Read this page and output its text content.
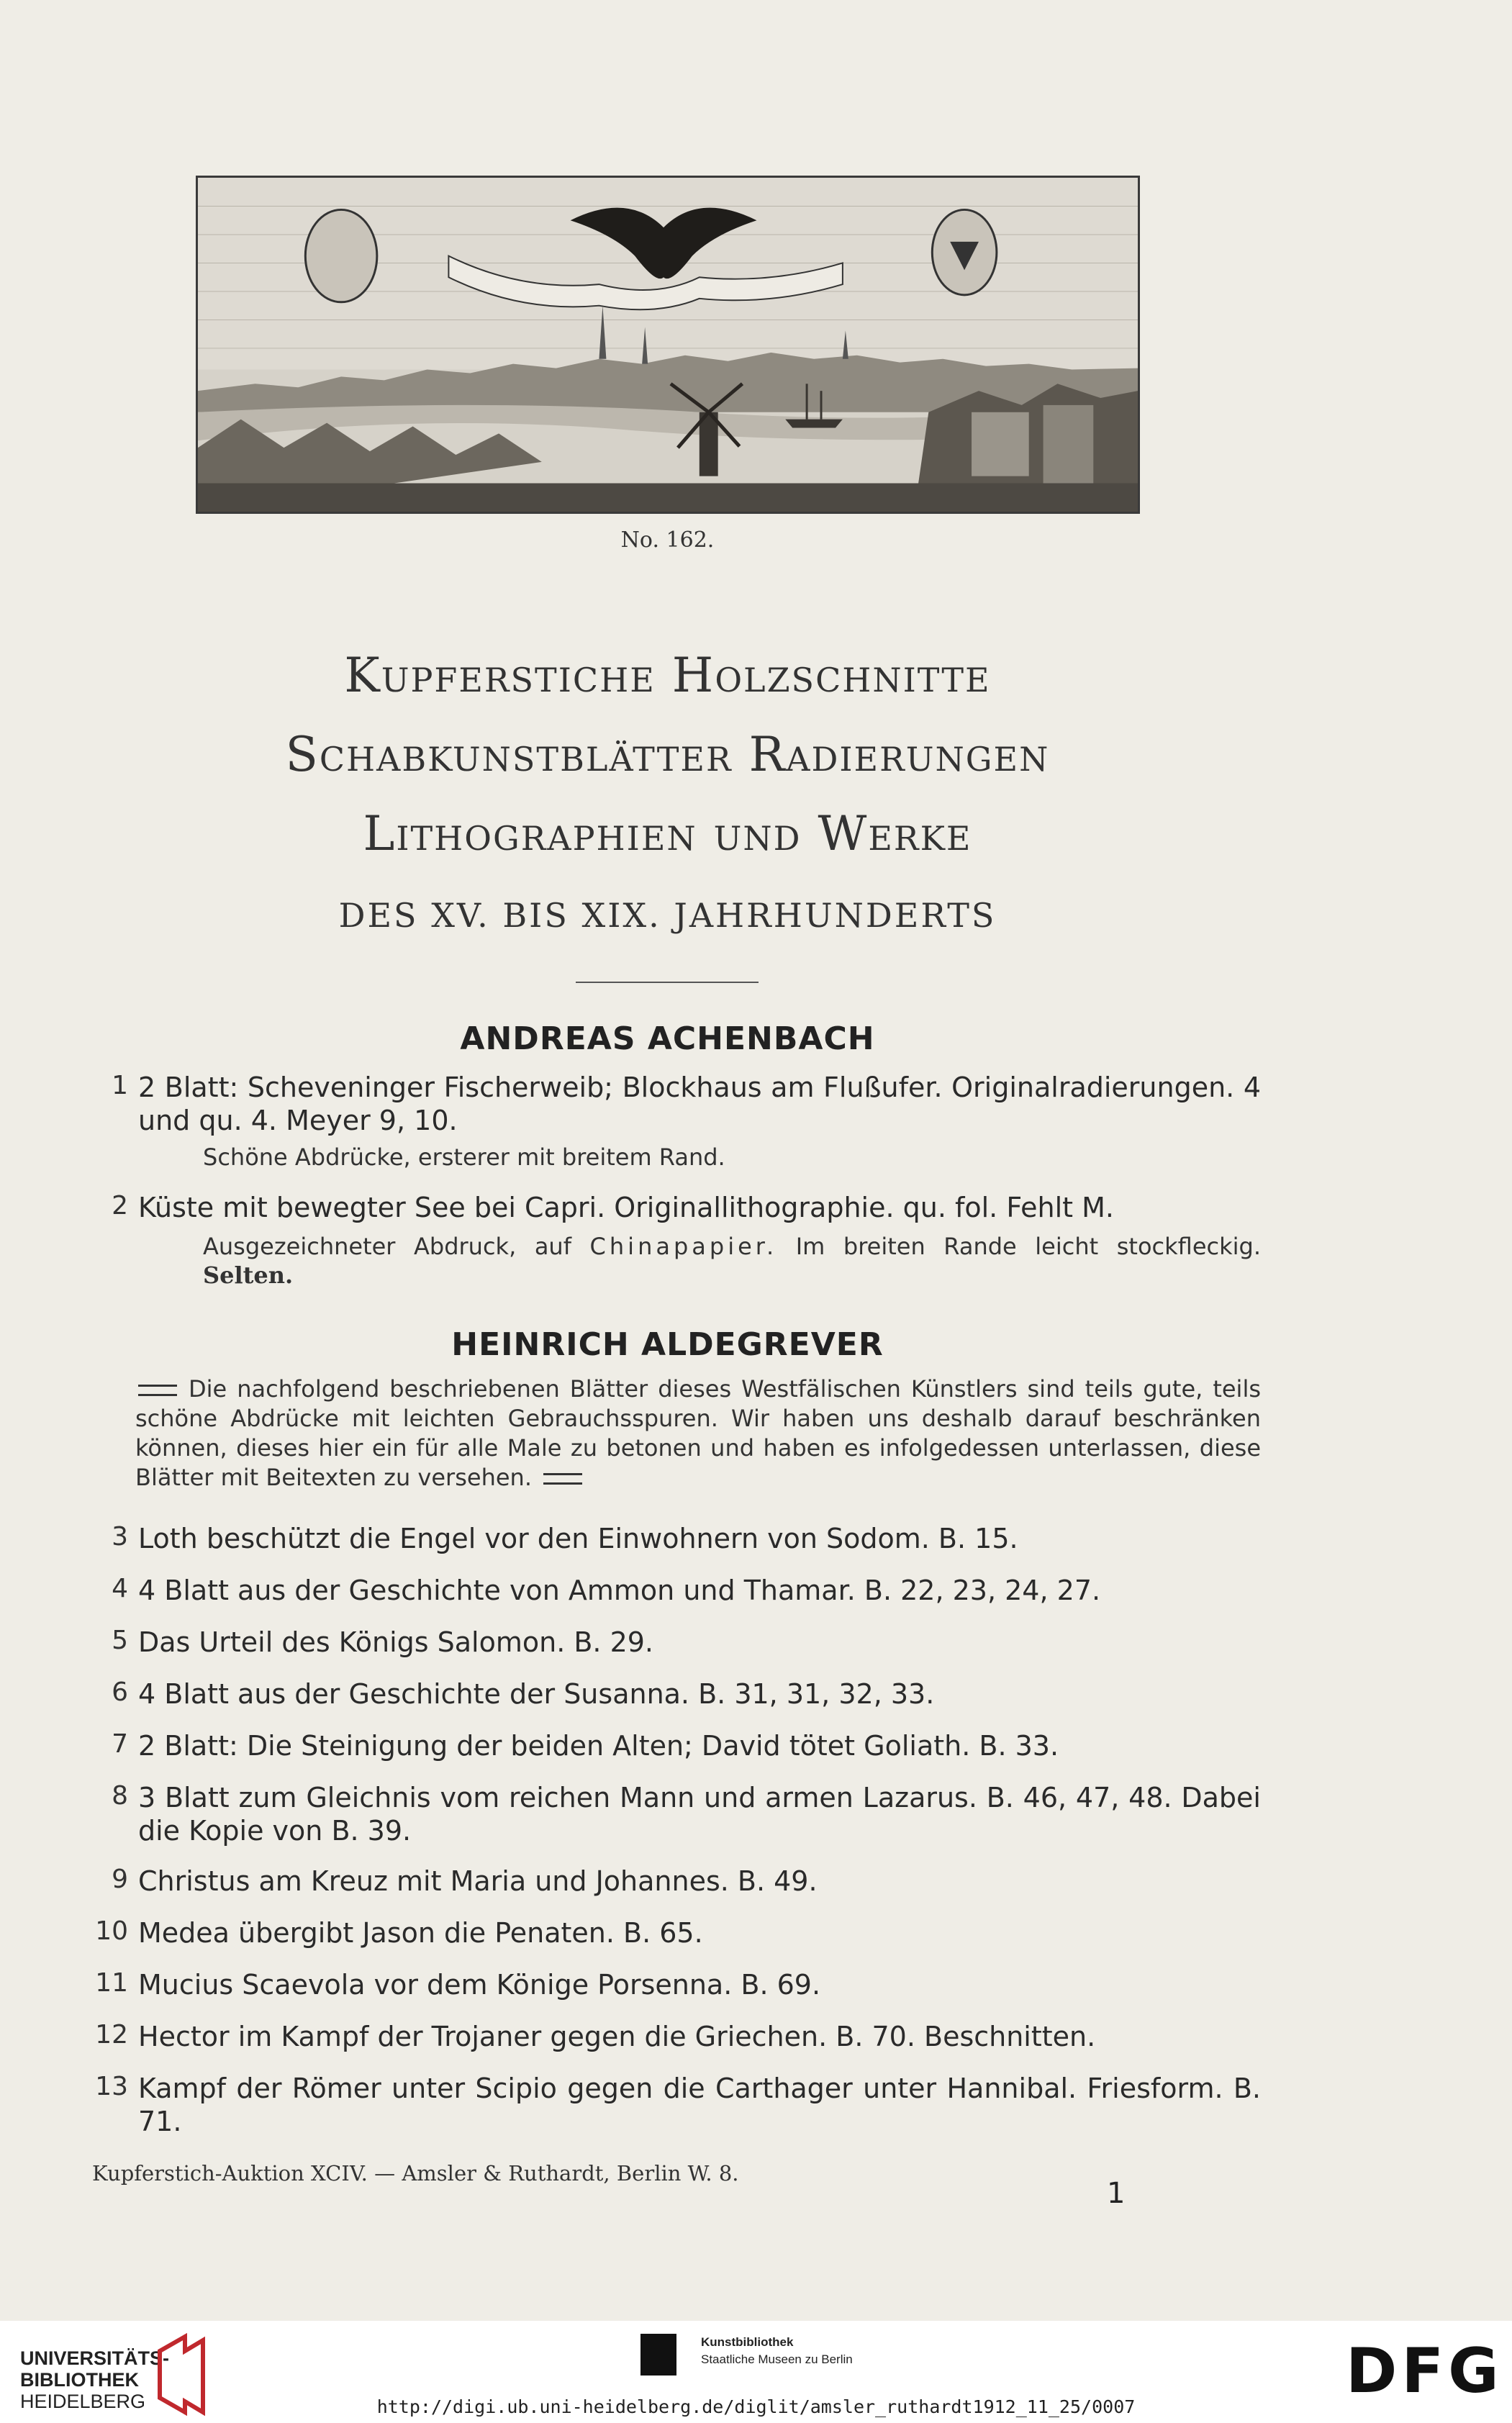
No. 162.
Kupferstiche Holzschnitte
Schabkunstblätter Radierungen
Lithographien und Werke
DES XV. BIS XIX. JAHRHUNDERTS
ANDREAS ACHENBACH
1 2 Blatt: Scheveninger Fischerweib; Blockhaus am Flußufer. Originalradierungen. 4 und qu. 4. Meyer 9, 10.
Schöne Abdrücke, ersterer mit breitem Rand.
2 Küste mit bewegter See bei Capri. Originallithographie. qu. fol. Fehlt M.
Ausgezeichneter Abdruck, auf Chinapapier. Im breiten Rande leicht stockfleckig. Selten.
HEINRICH ALDEGREVER
Die nachfolgend beschriebenen Blätter dieses Westfälischen Künstlers sind teils gute, teils schöne Abdrücke mit leichten Gebrauchsspuren. Wir haben uns deshalb darauf beschränken können, dieses hier ein für alle Male zu betonen und haben es infolgedessen unterlassen, diese Blätter mit Beitexten zu versehen.
3 Loth beschützt die Engel vor den Einwohnern von Sodom. B. 15.
4 4 Blatt aus der Geschichte von Ammon und Thamar. B. 22, 23, 24, 27.
5 Das Urteil des Königs Salomon. B. 29.
6 4 Blatt aus der Geschichte der Susanna. B. 31, 31, 32, 33.
7 2 Blatt: Die Steinigung der beiden Alten; David tötet Goliath. B. 33.
8 3 Blatt zum Gleichnis vom reichen Mann und armen Lazarus. B. 46, 47, 48. Dabei die Kopie von B. 39.
9 Christus am Kreuz mit Maria und Johannes. B. 49.
10 Medea übergibt Jason die Penaten. B. 65.
11 Mucius Scaevola vor dem Könige Porsenna. B. 69.
12 Hector im Kampf der Trojaner gegen die Griechen. B. 70. Beschnitten.
13 Kampf der Römer unter Scipio gegen die Carthager unter Hannibal. Friesform. B. 71.
Kupferstich-Auktion XCIV. — Amsler & Ruthardt, Berlin W. 8.
1
UNIVERSITÄTS-
BIBLIOTHEK
HEIDELBERG
Kunstbibliothek
Staatliche Museen zu Berlin	DFG
http://digi.ub.uni-heidelberg.de/diglit/amsler_ruthardt1912_11_25/0007
